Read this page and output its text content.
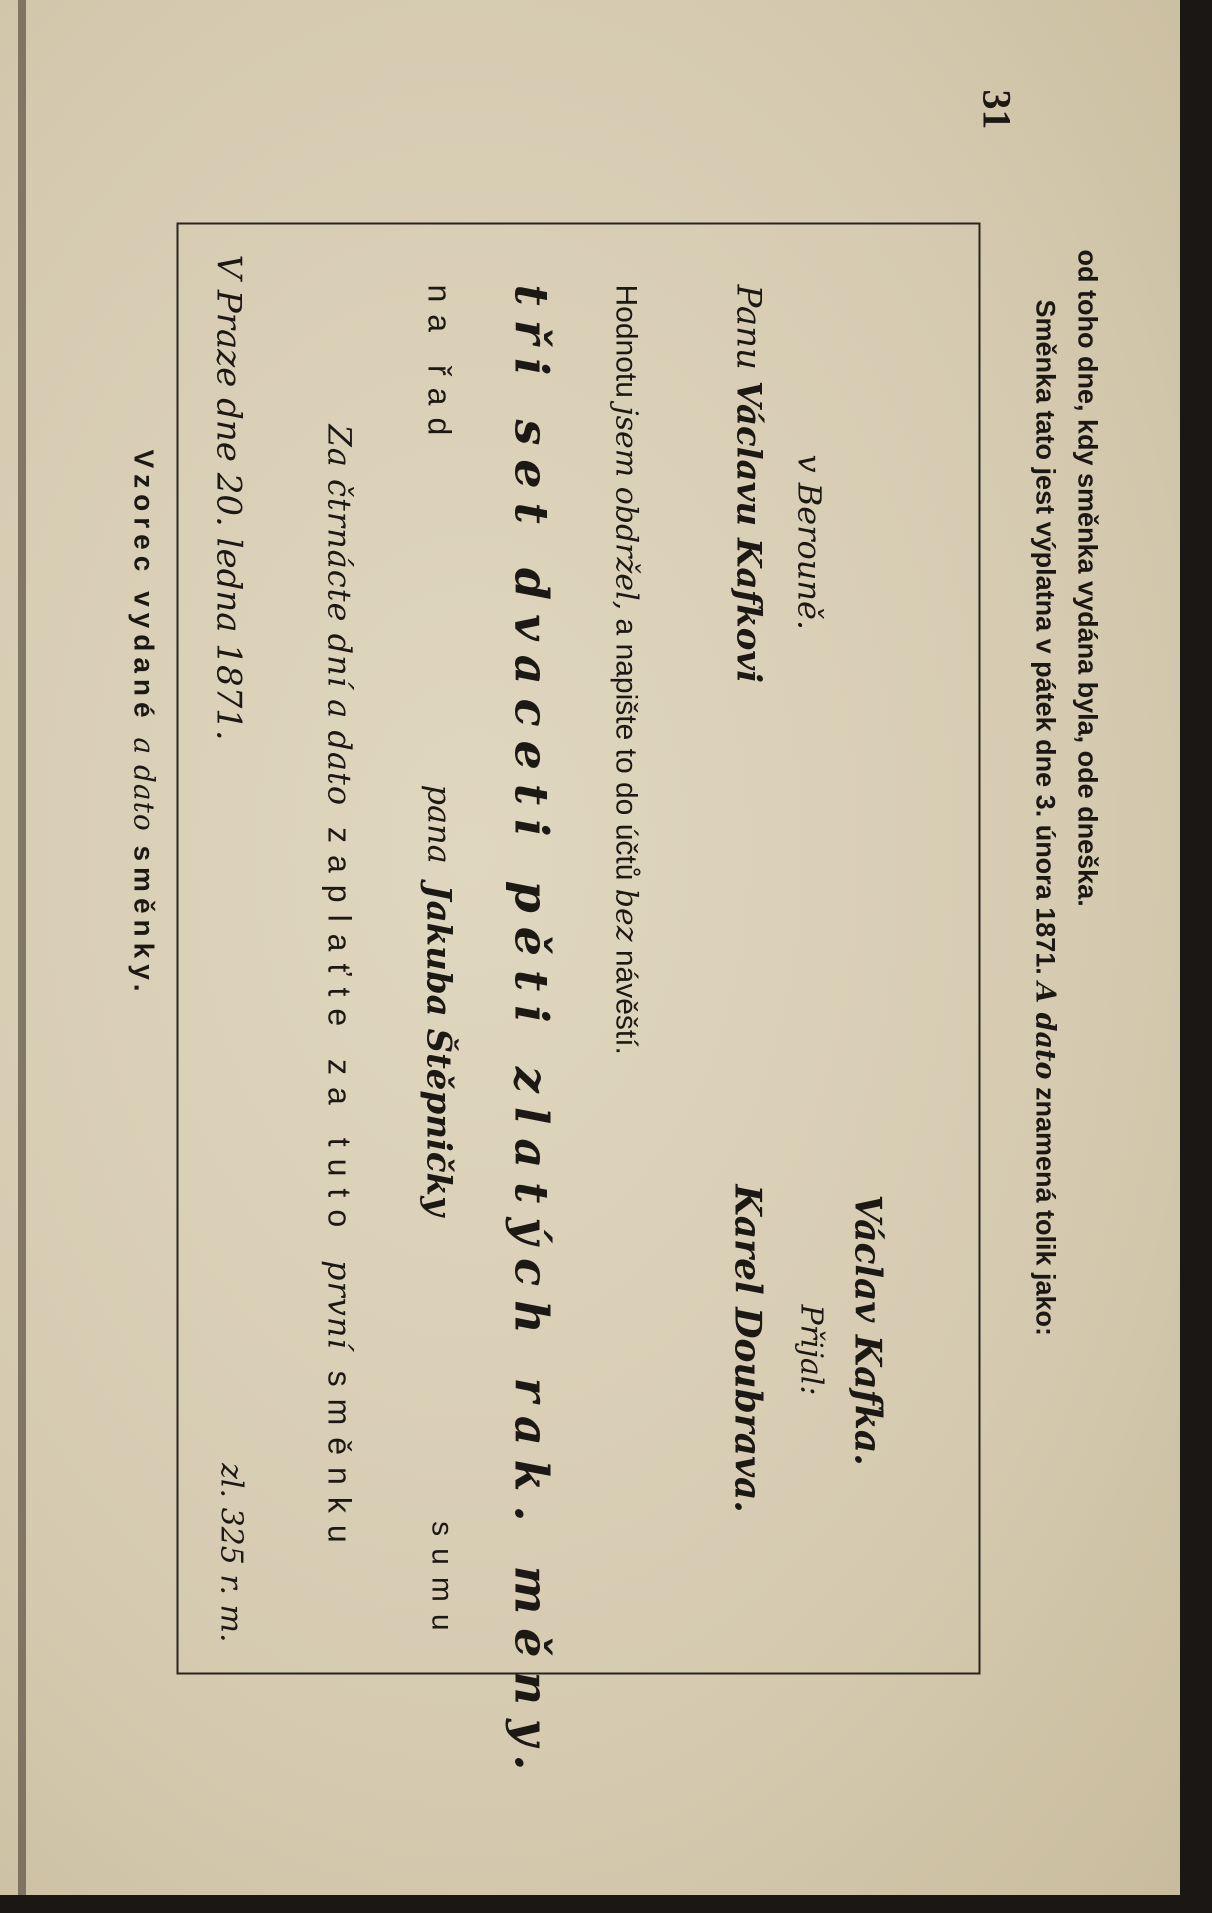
31
Vzorec vydané a dato směnky.
V Praze dne 20. ledna 1871.
zl. 325 r. m.
Za čtrnácte dní a dato zaplaťte za tuto první směnku
na řad
pana
Jakuba Štěpničky
sumu tři set dvaceti pěti zlatých rak. měny. Hodnotu jsem obdržel, a napište to do účtů bez návěští.
Panu Václavu Kafkovi v Berouně.
Karel Doubrava. Přijal: Václav Kafka.
Směnka tato jest výplatna v pátek dne 3. února 1871. A dato znamená tolik jako:
od toho dne, kdy směnka vydána byla, ode dneška.
